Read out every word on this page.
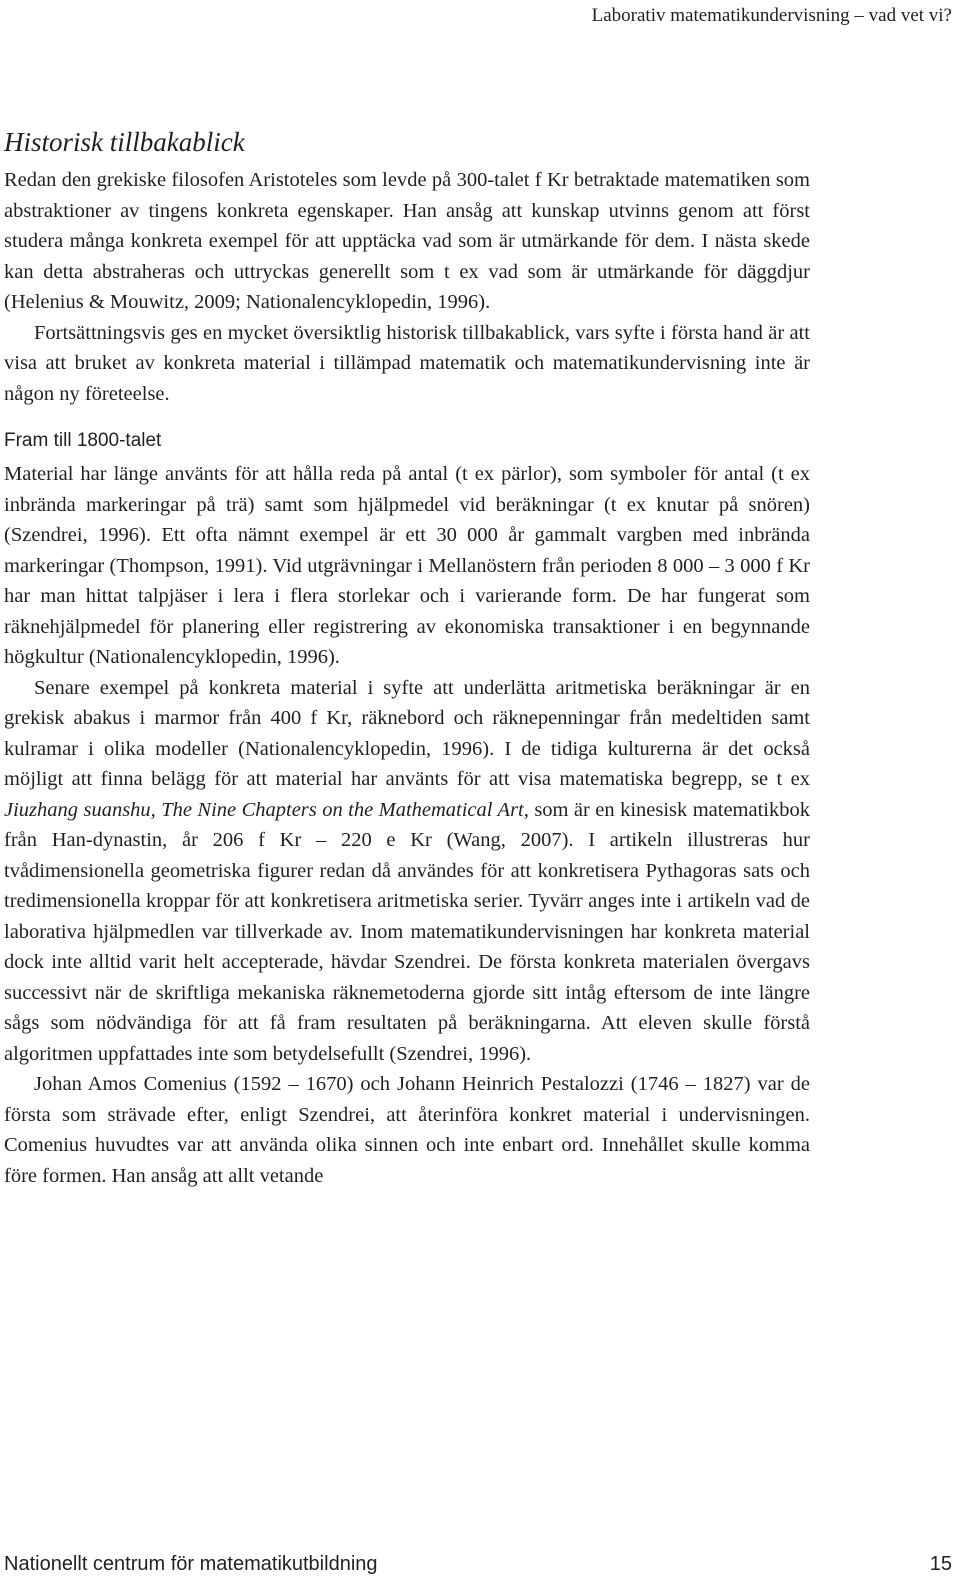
Laborativ matematikundervisning – vad vet vi?
Historisk tillbakablick

Redan den grekiske filosofen Aristoteles som levde på 300-talet f Kr betraktade matematiken som abstraktioner av tingens konkreta egenskaper. Han ansåg att kunskap utvinns genom att först studera många konkreta exempel för att upptäcka vad som är utmärkande för dem. I nästa skede kan detta abstraheras och uttryckas generellt som t ex vad som är utmärkande för däggdjur (Helenius & Mouwitz, 2009; Nationalencyklopedin, 1996).

Fortsättningsvis ges en mycket översiktlig historisk tillbakablick, vars syfte i första hand är att visa att bruket av konkreta material i tillämpad matematik och matematikundervisning inte är någon ny företeelse.

Fram till 1800-talet

Material har länge använts för att hålla reda på antal (t ex pärlor), som symboler för antal (t ex inbrända markeringar på trä) samt som hjälpmedel vid beräkningar (t ex knutar på snören) (Szendrei, 1996). Ett ofta nämnt exempel är ett 30 000 år gammalt vargben med inbrända markeringar (Thompson, 1991). Vid utgrävningar i Mellanöstern från perioden 8 000 – 3 000 f Kr har man hittat talpjäser i lera i flera storlekar och i varierande form. De har fungerat som räknehjälpmedel för planering eller registrering av ekonomiska transaktioner i en begynnande högkultur (Nationalencyklopedin, 1996).

Senare exempel på konkreta material i syfte att underlätta aritmetiska beräkningar är en grekisk abakus i marmor från 400 f Kr, räknebord och räknepenningar från medeltiden samt kulramar i olika modeller (Nationalencyklopedin, 1996). I de tidiga kulturerna är det också möjligt att finna belägg för att material har använts för att visa matematiska begrepp, se t ex Jiuzhang suanshu, The Nine Chapters on the Mathematical Art, som är en kinesisk matematikbok från Han-dynastin, år 206 f Kr – 220 e Kr (Wang, 2007). I artikeln illustreras hur tvådimensionella geometriska figurer redan då användes för att konkretisera Pythagoras sats och tredimensionella kroppar för att konkretisera aritmetiska serier. Tyvärr anges inte i artikeln vad de laborativa hjälpmedlen var tillverkade av. Inom matematikundervisningen har konkreta material dock inte alltid varit helt accepterade, hävdar Szendrei. De första konkreta materialen övergavs successivt när de skriftliga mekaniska räknemetoderna gjorde sitt intåg eftersom de inte längre sågs som nödvändiga för att få fram resultaten på beräkningarna. Att eleven skulle förstå algoritmen uppfattades inte som betydelsefullt (Szendrei, 1996).

Johan Amos Comenius (1592 – 1670) och Johann Heinrich Pestalozzi (1746 – 1827) var de första som strävade efter, enligt Szendrei, att återinföra konkret material i undervisningen. Comenius huvudtes var att använda olika sinnen och inte enbart ord. Innehållet skulle komma före formen. Han ansåg att allt vetande

Nationellt centrum för matematikutbildning	15
